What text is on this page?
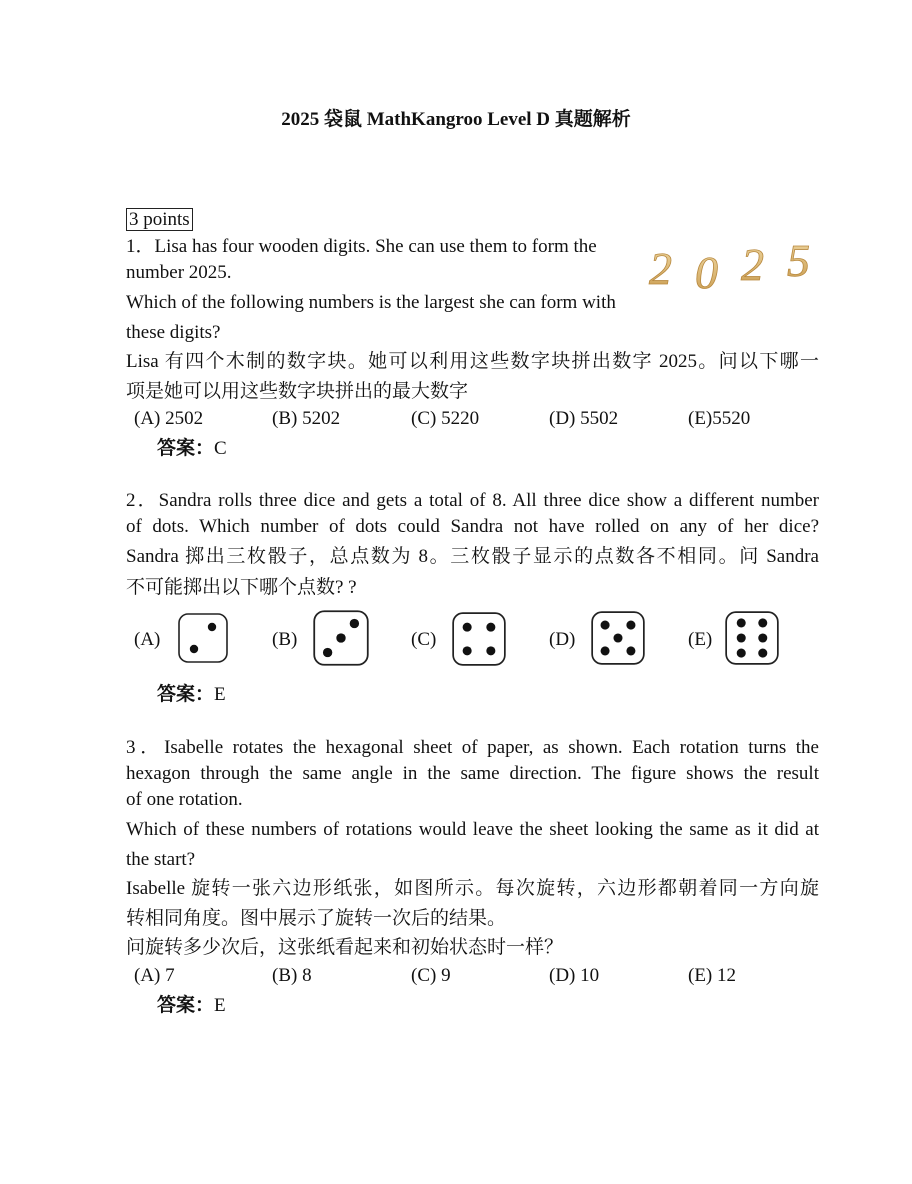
2025 袋鼠 MathKangroo Level D 真题解析
3 points
1．Lisa has four wooden digits. She can use them to form the
number 2025.
Which of the following numbers is the largest she can form with
these digits?
Lisa 有四个木制的数字块。她可以利用这些数字块拼出数字 2025。问以下哪一
项是她可以用这些数字块拼出的最大数字
2 0 2 5
(A) 2502	(B) 5202	(C) 5220	(D) 5502	(E)5520
答案：C
2．Sandra rolls three dice and gets a total of 8. All three dice show a different number
of dots. Which number of dots could Sandra not have rolled on any of her dice?
Sandra 掷出三枚骰子，总点数为 8。三枚骰子显示的点数各不相同。问 Sandra
不可能掷出以下哪个点数? ?
(A)	(B)	(C)	(D)	(E)
答案：E
3．Isabelle rotates the hexagonal sheet of paper, as shown. Each rotation turns the
hexagon through the same angle in the same direction. The figure shows the result
of one rotation.
Which of these numbers of rotations would leave the sheet looking the same as it did at
the start?
Isabelle 旋转一张六边形纸张，如图所示。每次旋转，六边形都朝着同一方向旋
转相同角度。图中展示了旋转一次后的结果。
问旋转多少次后，这张纸看起来和初始状态时一样？
(A) 7	(B) 8	(C) 9	(D) 10	(E) 12
答案：E
